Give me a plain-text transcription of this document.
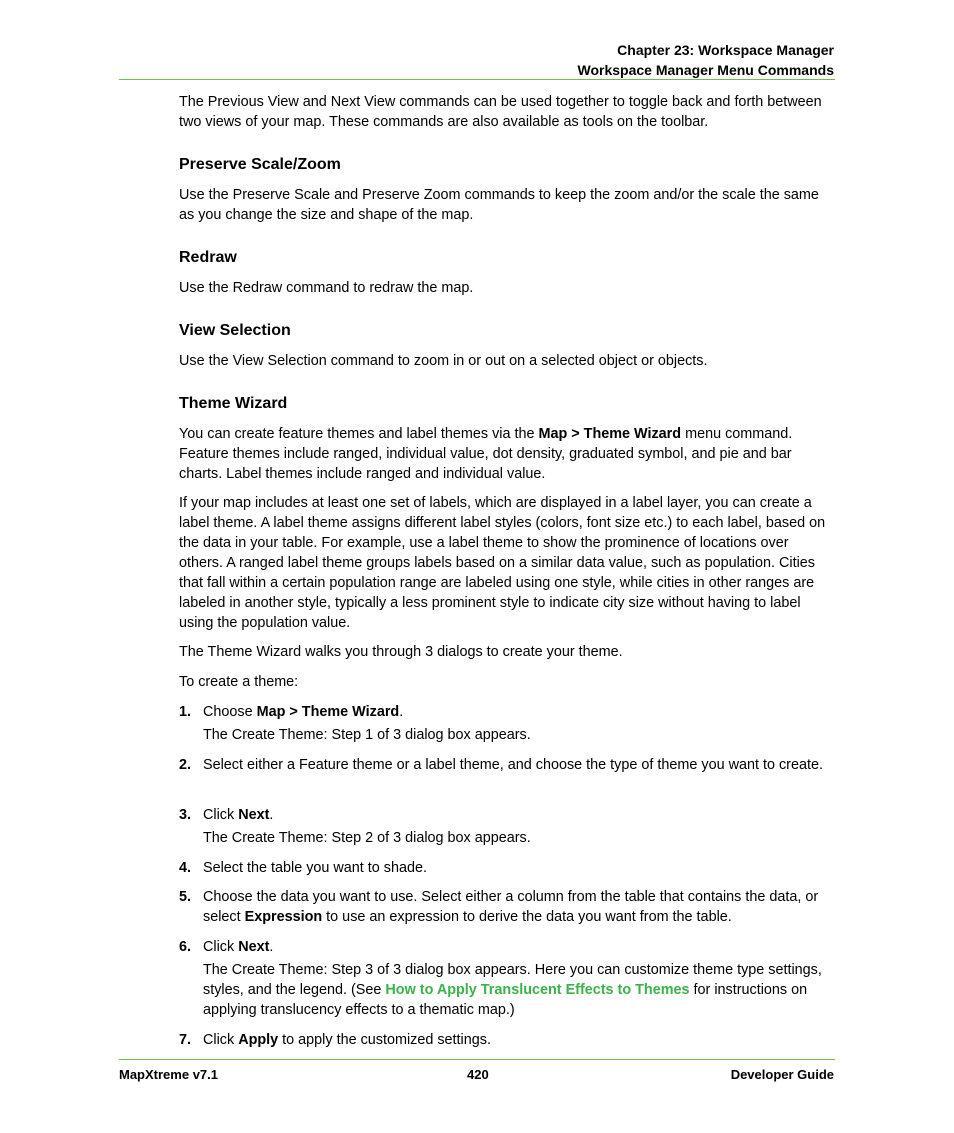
Chapter 23: Workspace Manager
Workspace Manager Menu Commands
The Previous View and Next View commands can be used together to toggle back and forth between two views of your map. These commands are also available as tools on the toolbar.
Preserve Scale/Zoom
Use the Preserve Scale and Preserve Zoom commands to keep the zoom and/or the scale the same as you change the size and shape of the map.
Redraw
Use the Redraw command to redraw the map.
View Selection
Use the View Selection command to zoom in or out on a selected object or objects.
Theme Wizard
You can create feature themes and label themes via the Map > Theme Wizard menu command. Feature themes include ranged, individual value, dot density, graduated symbol, and pie and bar charts. Label themes include ranged and individual value.
If your map includes at least one set of labels, which are displayed in a label layer, you can create a label theme. A label theme assigns different label styles (colors, font size etc.) to each label, based on the data in your table. For example, use a label theme to show the prominence of locations over others. A ranged label theme groups labels based on a similar data value, such as population. Cities that fall within a certain population range are labeled using one style, while cities in other ranges are labeled in another style, typically a less prominent style to indicate city size without having to label using the population value.
The Theme Wizard walks you through 3 dialogs to create your theme.
To create a theme:
1. Choose Map > Theme Wizard.
The Create Theme: Step 1 of 3 dialog box appears.
2. Select either a Feature theme or a label theme, and choose the type of theme you want to create.
3. Click Next.
The Create Theme: Step 2 of 3 dialog box appears.
4. Select the table you want to shade.
5. Choose the data you want to use. Select either a column from the table that contains the data, or select Expression to use an expression to derive the data you want from the table.
6. Click Next.
The Create Theme: Step 3 of 3 dialog box appears. Here you can customize theme type settings, styles, and the legend. (See How to Apply Translucent Effects to Themes for instructions on applying translucency effects to a thematic map.)
7. Click Apply to apply the customized settings.
MapXtreme v7.1	420	Developer Guide
